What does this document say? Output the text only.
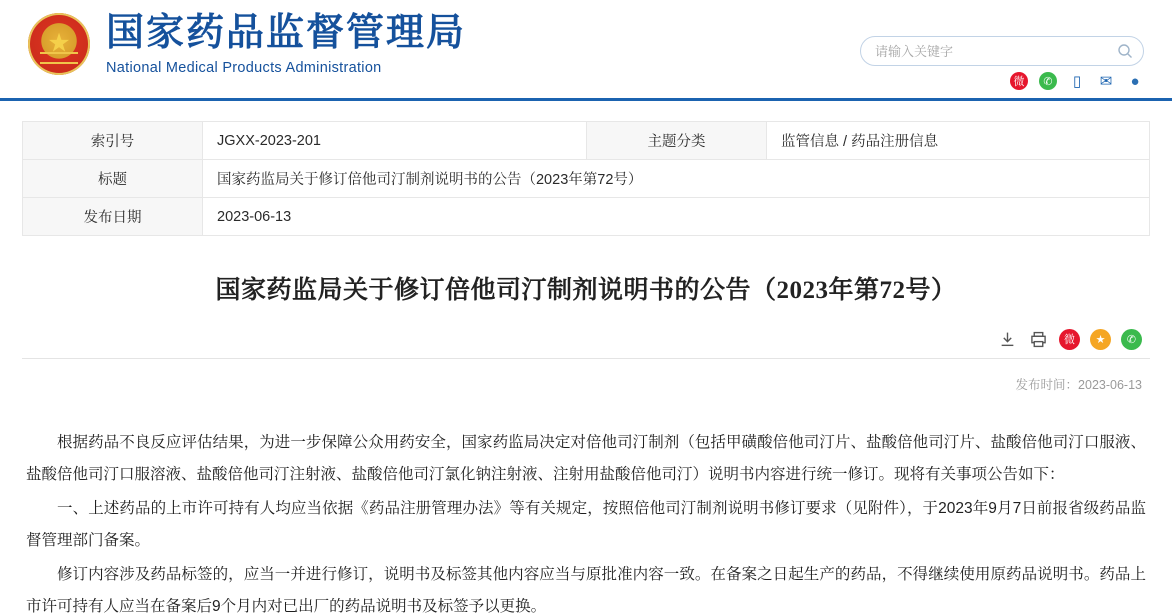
★
国家药品监督管理局
National Medical Products Administration
请输入关键字
微	✆	▯	✉ ●
索引号	JGXX-2023-201	主题分类	监管信息 / 药品注册信息
标题	国家药监局关于修订倍他司汀制剂说明书的公告（2023年第72号）		
发布日期	2023-06-13		
国家药监局关于修订倍他司汀制剂说明书的公告（2023年第72号）
微	★	✆
发布时间：2023-06-13

根据药品不良反应评估结果，为进一步保障公众用药安全，国家药监局决定对倍他司汀制剂（包括甲磺酸倍他司汀片、盐酸倍他司汀片、盐酸倍他司汀口服液、盐酸倍他司汀口服溶液、盐酸倍他司汀注射液、盐酸倍他司汀氯化钠注射液、注射用盐酸倍他司汀）说明书内容进行统一修订。现将有关事项公告如下：

一、上述药品的上市许可持有人均应当依据《药品注册管理办法》等有关规定，按照倍他司汀制剂说明书修订要求（见附件），于2023年9月7日前报省级药品监督管理部门备案。

修订内容涉及药品标签的，应当一并进行修订，说明书及标签其他内容应当与原批准内容一致。在备案之日起生产的药品，不得继续使用原药品说明书。药品上市许可持有人应当在备案后9个月内对已出厂的药品说明书及标签予以更换。
